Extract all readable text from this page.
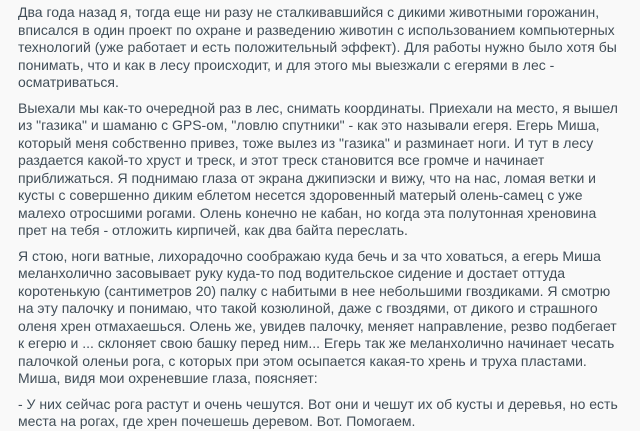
Два года назад я, тогда еще ни разу не сталкивавшийся с дикими животными горожанин, вписался в один проект по охране и разведению животин с использованием компьютерных технологий (уже работает и есть положительный эффект). Для работы нужно было хотя бы понимать, что и как в лесу происходит, и для этого мы выезжали с егерями в лес - осматриваться.

Выехали мы как-то очередной раз в лес, снимать координаты. Приехали на место, я вышел из "газика" и шаманю с GPS-ом, "ловлю спутники" - как это называли егеря. Егерь Миша, который меня собственно привез, тоже вылез из "газика" и разминает ноги. И тут в лесу раздается какой-то хруст и треск, и этот треск становится все громче и начинает приближаться. Я поднимаю глаза от экрана джипиэски и вижу, что на нас, ломая ветки и кусты с совершенно диким еблетом несется здоровенный матерый олень-самец с уже малехо отросшими рогами. Олень конечно не кабан, но когда эта полутонная хреновина прет на тебя - отложить кирпичей, как два байта переслать.

Я стою, ноги ватные, лихорадочно соображаю куда бечь и за что ховаться, а егерь Миша меланхолично засовывает руку куда-то под водительское сидение и достает оттуда коротенькую (сантиметров 20) палку с набитыми в нее небольшими гвоздиками. Я смотрю на эту палочку и понимаю, что такой козюлиной, даже с гвоздями, от дикого и страшного оленя хрен отмахаешься. Олень же, увидев палочку, меняет направление, резво подбегает к егерю и ... склоняет свою башку перед ним... Егерь так же меланхолично начинает чесать палочкой оленьи рога, с которых при этом осыпается какая-то хрень и труха пластами. Миша, видя мои охреневшие глаза, поясняет:

- У них сейчас рога растут и очень чешутся. Вот они и чешут их об кусты и деревья, но есть места на рогах, где хрен почешешь деревом. Вот. Помогаем.
